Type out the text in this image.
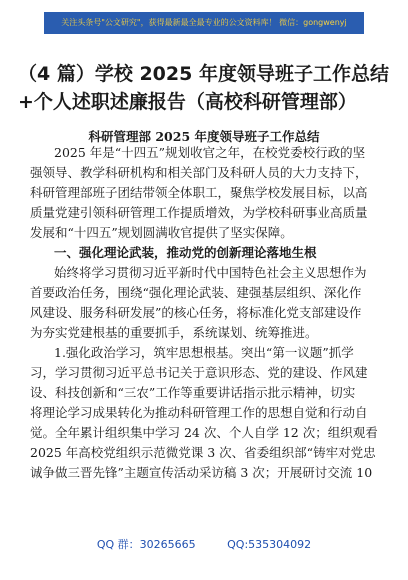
关注头条号"公文研究"，获得最新最全最专业的公文资料库！ 微信：gongwenyj
（4 篇）学校 2025 年度领导班子工作总结
+个人述职述廉报告（高校科研管理部）
科研管理部 2025 年度领导班子工作总结
2025 年是“十四五”规划收官之年，在校党委校行政的坚
强领导、教学科研机构和相关部门及科研人员的大力支持下，
科研管理部班子团结带领全体职工，聚焦学校发展目标，以高
质量党建引领科研管理工作提质增效，为学校科研事业高质量
发展和“十四五”规划圆满收官提供了坚实保障。
一、强化理论武装，推动党的创新理论落地生根
始终将学习贯彻习近平新时代中国特色社会主义思想作为
首要政治任务，围绕“强化理论武装、建强基层组织、深化作
风建设、服务科研发展”的核心任务，将标准化党支部建设作
为夯实党建根基的重要抓手，系统谋划、统筹推进。
1.强化政治学习，筑牢思想根基。突出“第一议题”抓学
习，学习贯彻习近平总书记关于意识形态、党的建设、作风建
设、科技创新和“三农”工作等重要讲话指示批示精神，切实
将理论学习成果转化为推动科研管理工作的思想自觉和行动自
觉。全年累计组织集中学习 24 次、个人自学 12 次；组织观看
2025 年高校党组织示范微党课 3 次、省委组织部“铸牢对党忠
诚争做三晋先锋”主题宣传活动采访稿 3 次；开展研讨交流 10
QQ 群：30265665	QQ:535304092
